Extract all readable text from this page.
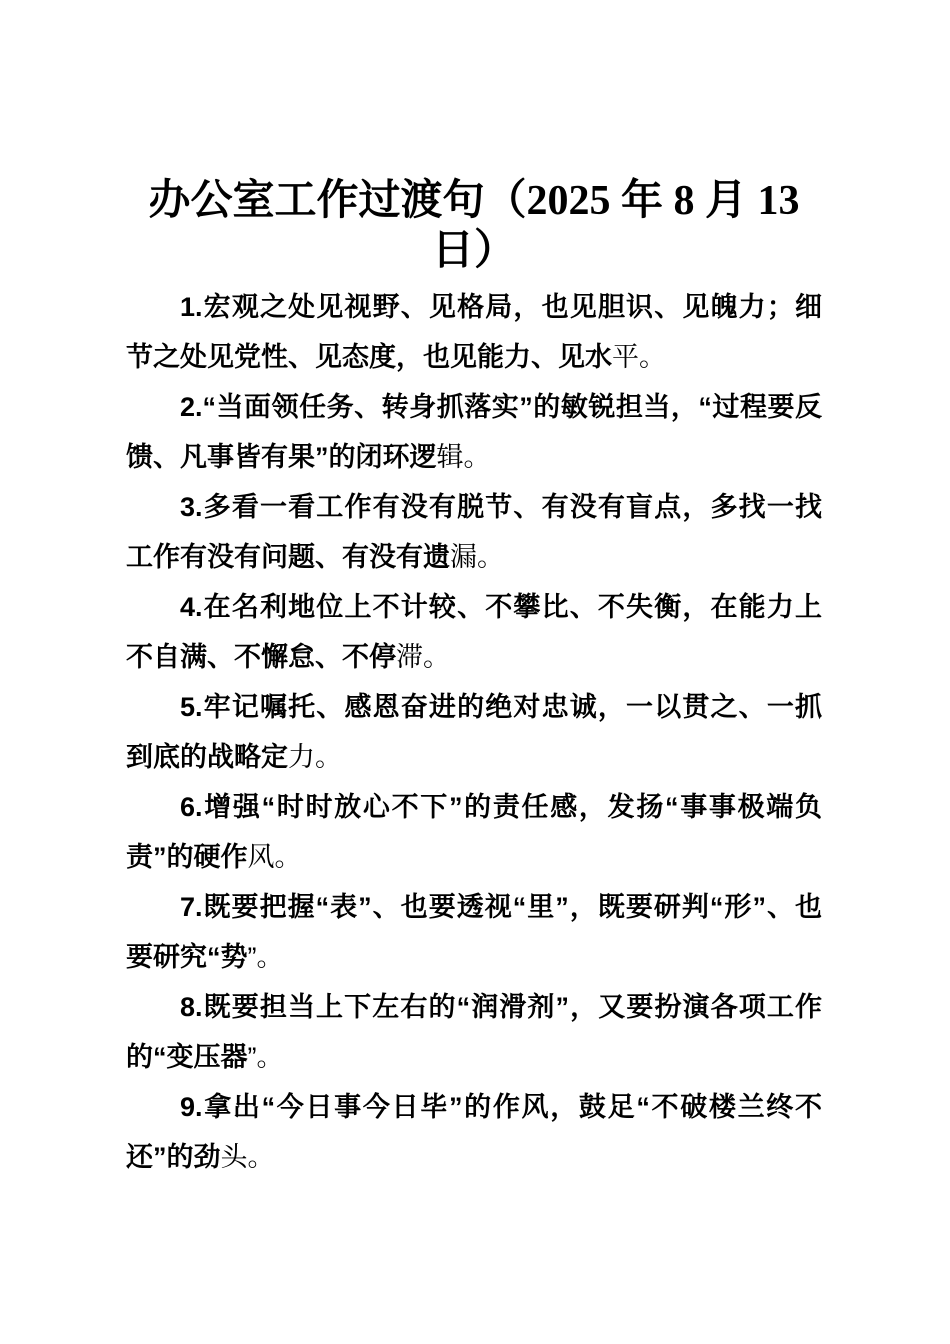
办公室工作过渡句（2025 年 8 月 13
日）

1.宏观之处见视野、见格局，也见胆识、见魄力；细节之处见党性、见态度，也见能力、见水平。

2.“当面领任务、转身抓落实”的敏锐担当，“过程要反馈、凡事皆有果”的闭环逻辑。

3.多看一看工作有没有脱节、有没有盲点，多找一找工作有没有问题、有没有遗漏。

4.在名利地位上不计较、不攀比、不失衡，在能力上不自满、不懈怠、不停滞。

5.牢记嘱托、感恩奋进的绝对忠诚，一以贯之、一抓到底的战略定力。

6.增强“时时放心不下”的责任感，发扬“事事极端负责”的硬作风。

7.既要把握“表”、也要透视“里”，既要研判“形”、也要研究“势”。

8.既要担当上下左右的“润滑剂”，又要扮演各项工作的“变压器”。

9.拿出“今日事今日毕”的作风，鼓足“不破楼兰终不还”的劲头。
